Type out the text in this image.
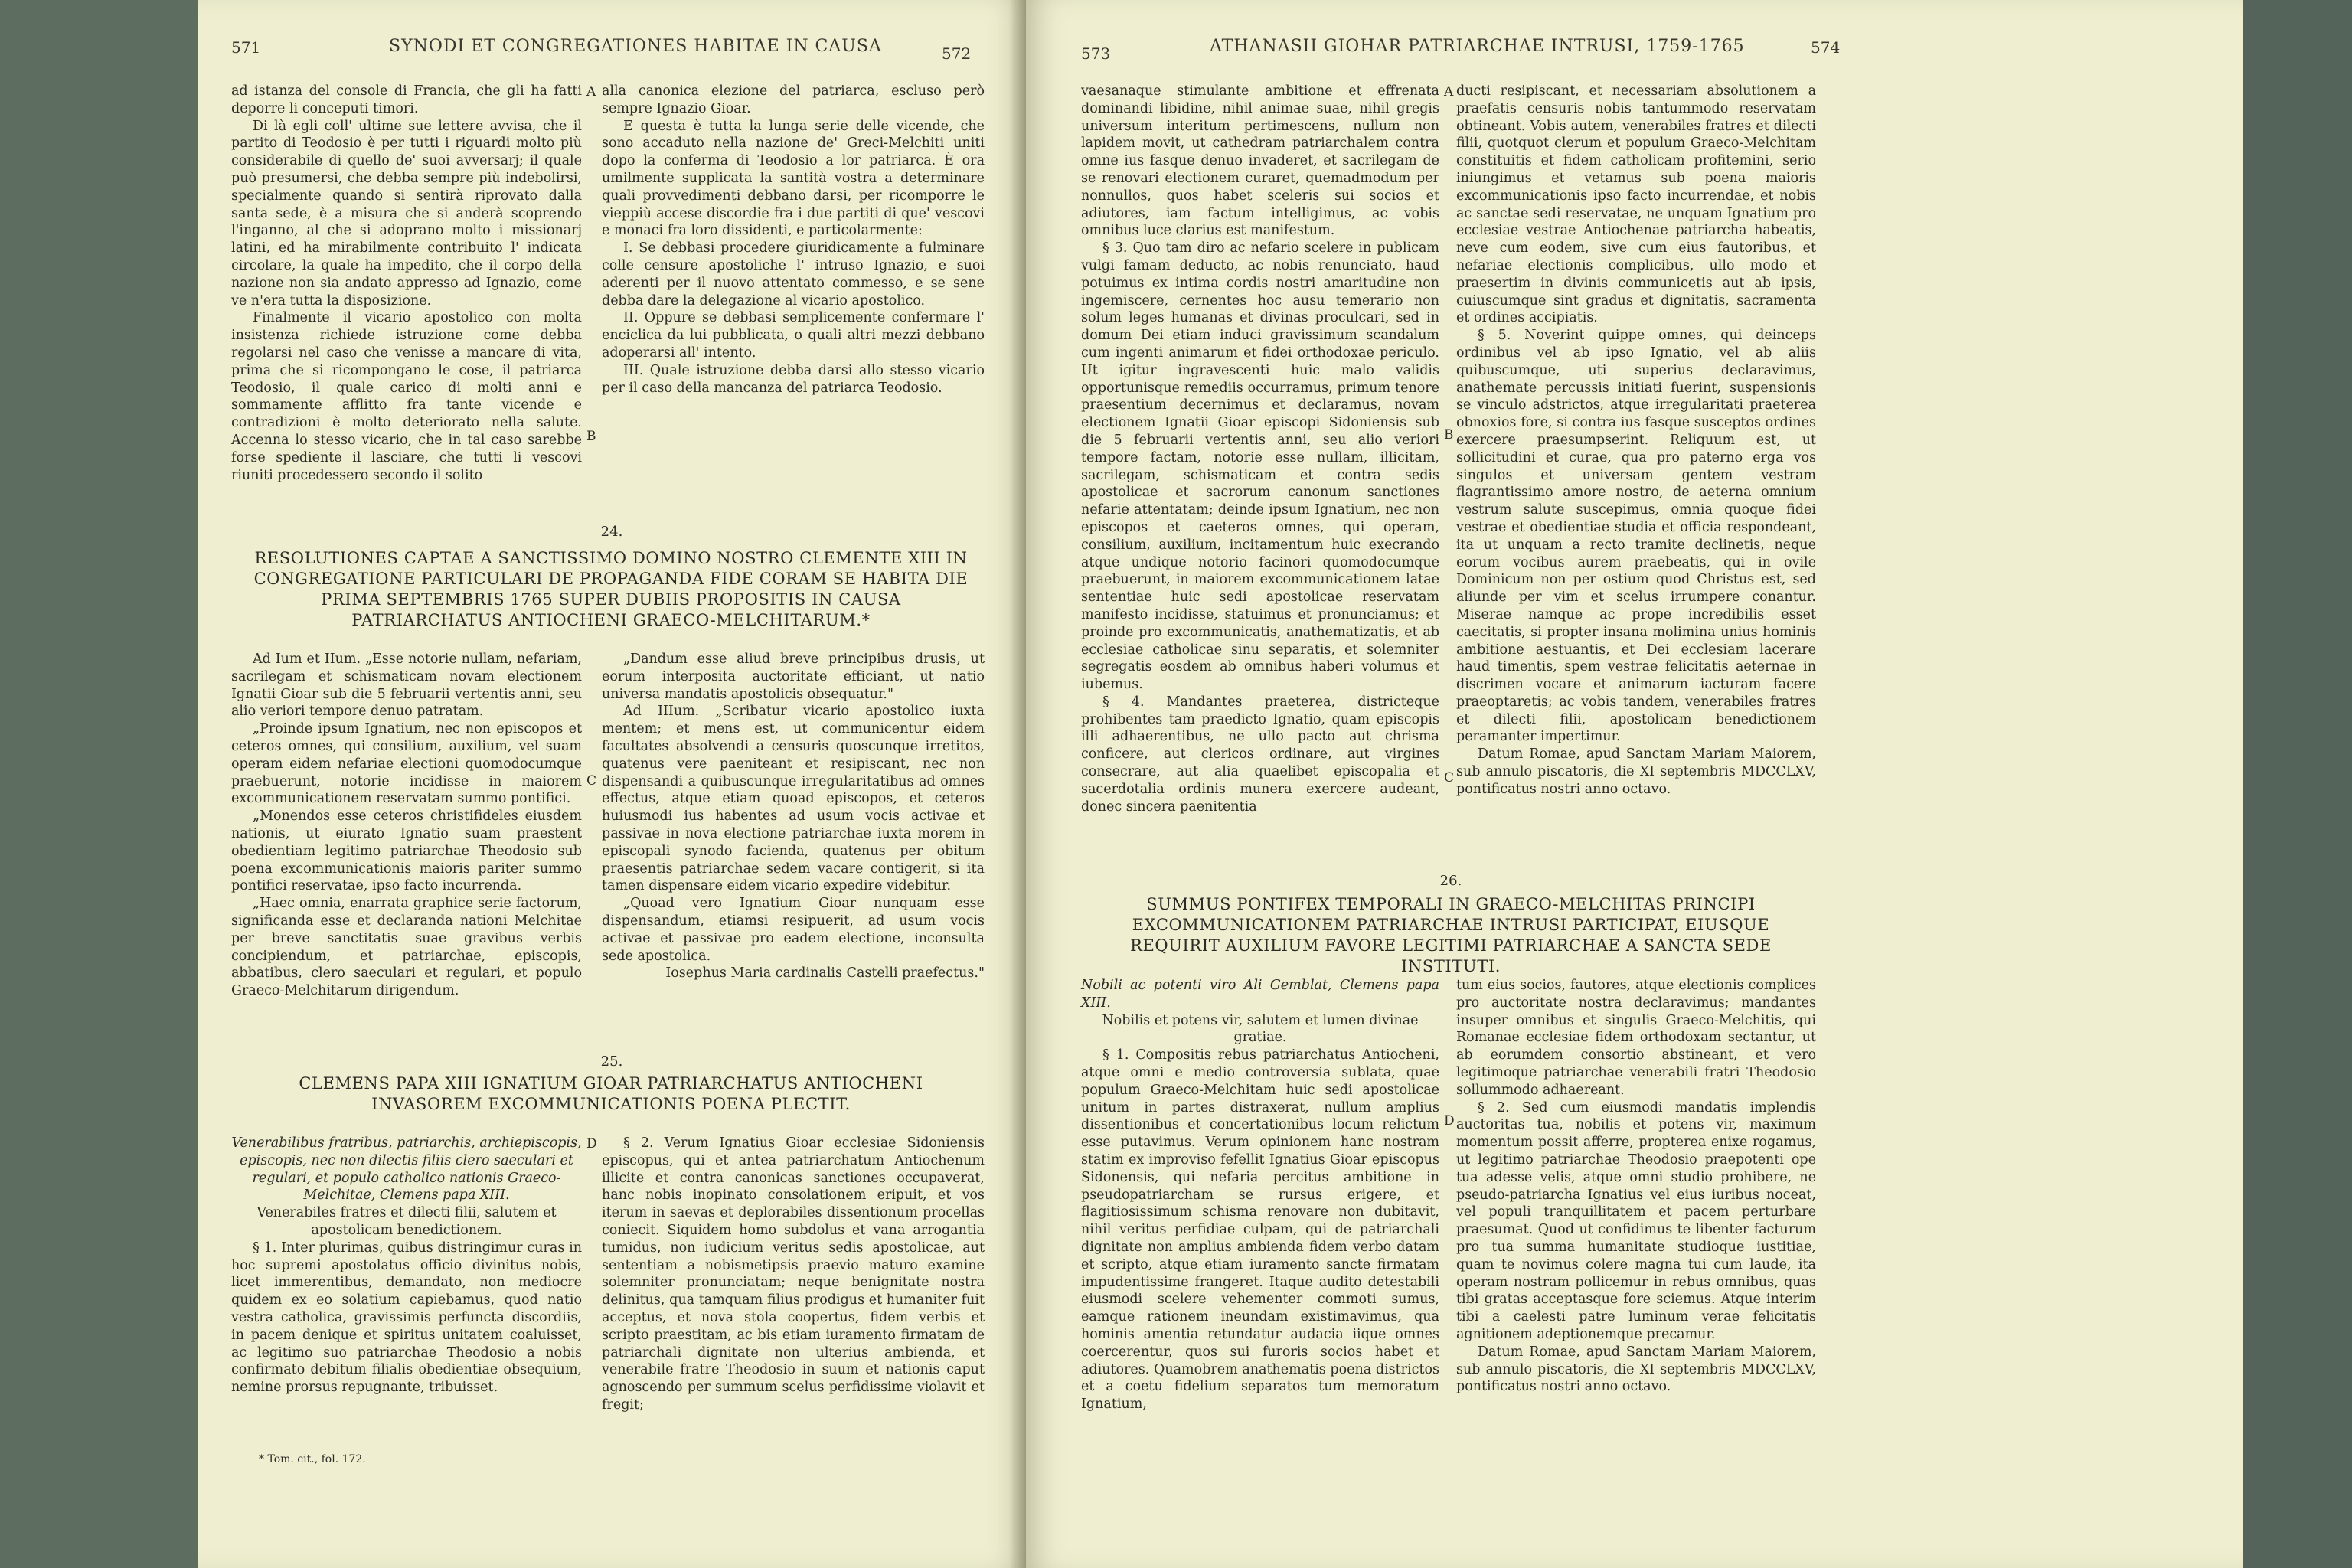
571	SYNODI ET CONGREGATIONES HABITAE IN CAUSA	572

ad istanza del console di Francia, che gli ha fatti deporre li conceputi timori.

Di là egli coll' ultime sue lettere avvisa, che il partito di Teodosio è per tutti i riguardi molto più considerabile di quello de' suoi avversarj; il quale può presumersi, che debba sempre più indebolirsi, specialmente quando si sentirà riprovato dalla santa sede, è a misura che si anderà scoprendo l'inganno, al che si adoprano molto i missionarj latini, ed ha mirabilmente contribuito l' indicata circolare, la quale ha impedito, che il corpo della nazione non sia andato appresso ad Ignazio, come ve n'era tutta la disposizione.

Finalmente il vicario apostolico con molta insistenza richiede istruzione come debba regolarsi nel caso che venisse a mancare di vita, prima che si ricompongano le cose, il patriarca Teodosio, il quale carico di molti anni e sommamente afflitto fra tante vicende e contradizioni è molto deteriorato nella salute. Accenna lo stesso vicario, che in tal caso sarebbe forse spediente il lasciare, che tutti li vescovi riuniti procedessero secondo il solito

alla canonica elezione del patriarca, escluso però sempre Ignazio Gioar.

E questa è tutta la lunga serie delle vicende, che sono accaduto nella nazione de' Greci-Melchiti uniti dopo la conferma di Teodosio a lor patriarca. È ora umilmente supplicata la santità vostra a determinare quali provvedimenti debbano darsi, per ricomporre le vieppiù accese discordie fra i due partiti di que' vescovi e monaci fra loro dissidenti, e particolarmente:

I. Se debbasi procedere giuridicamente a fulminare colle censure apostoliche l' intruso Ignazio, e suoi aderenti per il nuovo attentato commesso, e se sene debba dare la delegazione al vicario apostolico.

II. Oppure se debbasi semplicemente confermare l' enciclica da lui pubblicata, o quali altri mezzi debbano adoperarsi all' intento.

III. Quale istruzione debba darsi allo stesso vicario per il caso della mancanza del patriarca Teodosio.

A
B
24.
RESOLUTIONES CAPTAE A SANCTISSIMO DOMINO NOSTRO CLEMENTE XIII IN CONGREGATIONE PARTICULARI DE PROPAGANDA FIDE CORAM SE HABITA DIE PRIMA SEPTEMBRIS 1765 SUPER DUBIIS PROPOSITIS IN CAUSA PATRIARCHATUS ANTIOCHENI GRAECO-MELCHITARUM.*

Ad Ium et IIum. „Esse notorie nullam, nefariam, sacrilegam et schismaticam novam electionem Ignatii Gioar sub die 5 februarii vertentis anni, seu alio veriori tempore denuo patratam.

„Proinde ipsum Ignatium, nec non episcopos et ceteros omnes, qui consilium, auxilium, vel suam operam eidem nefariae electioni quomodocumque praebuerunt, notorie incidisse in maiorem excommunicationem reservatam summo pontifici.

„Monendos esse ceteros christifideles eiusdem nationis, ut eiurato Ignatio suam praestent obedientiam legitimo patriarchae Theodosio sub poena excommunicationis maioris pariter summo pontifici reservatae, ipso facto incurrenda.

„Haec omnia, enarrata graphice serie factorum, significanda esse et declaranda nationi Melchitae per breve sanctitatis suae gravibus verbis concipiendum, et patriarchae, episcopis, abbatibus, clero saeculari et regulari, et populo Graeco-Melchitarum dirigendum.

„Dandum esse aliud breve principibus drusis, ut eorum interposita auctoritate efficiant, ut natio universa mandatis apostolicis obsequatur."

Ad IIIum. „Scribatur vicario apostolico iuxta mentem; et mens est, ut communicentur eidem facultates absolvendi a censuris quoscunque irretitos, quatenus vere paeniteant et resipiscant, nec non dispensandi a quibuscunque irregularitatibus ad omnes effectus, atque etiam quoad episcopos, et ceteros huiusmodi ius habentes ad usum vocis activae et passivae in nova electione patriarchae iuxta morem in episcopali synodo facienda, quatenus per obitum praesentis patriarchae sedem vacare contigerit, si ita tamen dispensare eidem vicario expedire videbitur.

„Quoad vero Ignatium Gioar nunquam esse dispensandum, etiamsi resipuerit, ad usum vocis activae et passivae pro eadem electione, inconsulta sede apostolica.

Iosephus Maria cardinalis Castelli praefectus."

C
25.
CLEMENS PAPA XIII IGNATIUM GIOAR PATRIARCHATUS ANTIOCHENI INVASOREM EXCOMMUNICATIONIS POENA PLECTIT.

Venerabilibus fratribus, patriarchis, archiepiscopis, episcopis, nec non dilectis filiis clero saeculari et regulari, et populo catholico nationis Graeco-Melchitae, Clemens papa XIII.

Venerabiles fratres et dilecti filii, salutem et apostolicam benedictionem.

§ 1. Inter plurimas, quibus distringimur curas in hoc supremi apostolatus officio divinitus nobis, licet immerentibus, demandato, non mediocre quidem ex eo solatium capiebamus, quod natio vestra catholica, gravissimis perfuncta discordiis, in pacem denique et spiritus unitatem coaluisset, ac legitimo suo patriarchae Theodosio a nobis confirmato debitum filialis obedientiae obsequium, nemine prorsus repugnante, tribuisset.

§ 2. Verum Ignatius Gioar ecclesiae Sidoniensis episcopus, qui et antea patriarchatum Antiochenum illicite et contra canonicas sanctiones occupaverat, hanc nobis inopinato consolationem eripuit, et vos iterum in saevas et deplorabiles dissentionum procellas coniecit. Siquidem homo subdolus et vana arrogantia tumidus, non iudicium veritus sedis apostolicae, aut sententiam a nobismetipsis praevio maturo examine solemniter pronunciatam; neque benignitate nostra delinitus, qua tamquam filius prodigus et humaniter fuit acceptus, et nova stola coopertus, fidem verbis et scripto praestitam, ac bis etiam iuramento firmatam de patriarchali dignitate non ulterius ambienda, et venerabile fratre Theodosio in suum et nationis caput agnoscendo per summum scelus perfidissime violavit et fregit;

D
* Tom. cit., fol. 172.
573	ATHANASII GIOHAR PATRIARCHAE INTRUSI, 1759-1765	574

vaesanaque stimulante ambitione et effrenata dominandi libidine, nihil animae suae, nihil gregis universum interitum pertimescens, nullum non lapidem movit, ut cathedram patriarchalem contra omne ius fasque denuo invaderet, et sacrilegam de se renovari electionem curaret, quemadmodum per nonnullos, quos habet sceleris sui socios et adiutores, iam factum intelligimus, ac vobis omnibus luce clarius est manifestum.

§ 3. Quo tam diro ac nefario scelere in publicam vulgi famam deducto, ac nobis renunciato, haud potuimus ex intima cordis nostri amaritudine non ingemiscere, cernentes hoc ausu temerario non solum leges humanas et divinas proculcari, sed in domum Dei etiam induci gravissimum scandalum cum ingenti animarum et fidei orthodoxae periculo. Ut igitur ingravescenti huic malo validis opportunisque remediis occurramus, primum tenore praesentium decernimus et declaramus, novam electionem Ignatii Gioar episcopi Sidoniensis sub die 5 februarii vertentis anni, seu alio veriori tempore factam, notorie esse nullam, illicitam, sacrilegam, schismaticam et contra sedis apostolicae et sacrorum canonum sanctiones nefarie attentatam; deinde ipsum Ignatium, nec non episcopos et caeteros omnes, qui operam, consilium, auxilium, incitamentum huic execrando atque undique notorio facinori quomodocumque praebuerunt, in maiorem excommunicationem latae sententiae huic sedi apostolicae reservatam manifesto incidisse, statuimus et pronunciamus; et proinde pro excommunicatis, anathematizatis, et ab ecclesiae catholicae sinu separatis, et solemniter segregatis eosdem ab omnibus haberi volumus et iubemus.

§ 4. Mandantes praeterea, districteque prohibentes tam praedicto Ignatio, quam episcopis illi adhaerentibus, ne ullo pacto aut chrisma conficere, aut clericos ordinare, aut virgines consecrare, aut alia quaelibet episcopalia et sacerdotalia ordinis munera exercere audeant, donec sincera paenitentia

ducti resipiscant, et necessariam absolutionem a praefatis censuris nobis tantummodo reservatam obtineant. Vobis autem, venerabiles fratres et dilecti filii, quotquot clerum et populum Graeco-Melchitam constituitis et fidem catholicam profitemini, serio iniungimus et vetamus sub poena maioris excommunicationis ipso facto incurrendae, et nobis ac sanctae sedi reservatae, ne unquam Ignatium pro ecclesiae vestrae Antiochenae patriarcha habeatis, neve cum eodem, sive cum eius fautoribus, et nefariae electionis complicibus, ullo modo et praesertim in divinis communicetis aut ab ipsis, cuiuscumque sint gradus et dignitatis, sacramenta et ordines accipiatis.

§ 5. Noverint quippe omnes, qui deinceps ordinibus vel ab ipso Ignatio, vel ab aliis quibuscumque, uti superius declaravimus, anathemate percussis initiati fuerint, suspensionis se vinculo adstrictos, atque irregularitati praeterea obnoxios fore, si contra ius fasque susceptos ordines exercere praesumpserint. Reliquum est, ut sollicitudini et curae, qua pro paterno erga vos singulos et universam gentem vestram flagrantissimo amore nostro, de aeterna omnium vestrum salute suscepimus, omnia quoque fidei vestrae et obedientiae studia et officia respondeant, ita ut unquam a recto tramite declinetis, neque eorum vocibus aurem praebeatis, qui in ovile Dominicum non per ostium quod Christus est, sed aliunde per vim et scelus irrumpere conantur. Miserae namque ac prope incredibilis esset caecitatis, si propter insana molimina unius hominis ambitione aestuantis, et Dei ecclesiam lacerare haud timentis, spem vestrae felicitatis aeternae in discrimen vocare et animarum iacturam facere praeoptaretis; ac vobis tandem, venerabiles fratres et dilecti filii, apostolicam benedictionem peramanter impertimur.

Datum Romae, apud Sanctam Mariam Maiorem, sub annulo piscatoris, die XI septembris MDCCLXV, pontificatus nostri anno octavo.

A
B
C
26.
SUMMUS PONTIFEX TEMPORALI IN GRAECO-MELCHITAS PRINCIPI EXCOMMUNICATIONEM PATRIARCHAE INTRUSI PARTICIPAT, EIUSQUE REQUIRIT AUXILIUM FAVORE LEGITIMI PATRIARCHAE A SANCTA SEDE INSTITUTI.

Nobili ac potenti viro Ali Gemblat, Clemens papa XIII.

Nobilis et potens vir, salutem et lumen divinae gratiae.

§ 1. Compositis rebus patriarchatus Antiocheni, atque omni e medio controversia sublata, quae populum Graeco-Melchitam huic sedi apostolicae unitum in partes distraxerat, nullum amplius dissentionibus et concertationibus locum relictum esse putavimus. Verum opinionem hanc nostram statim ex improviso fefellit Ignatius Gioar episcopus Sidonensis, qui nefaria percitus ambitione in pseudopatriarcham se rursus erigere, et flagitiosissimum schisma renovare non dubitavit, nihil veritus perfidiae culpam, qui de patriarchali dignitate non amplius ambienda fidem verbo datam et scripto, atque etiam iuramento sancte firmatam impudentissime frangeret. Itaque audito detestabili eiusmodi scelere vehementer commoti sumus, eamque rationem ineundam existimavimus, qua hominis amentia retundatur audacia iique omnes coercerentur, quos sui furoris socios habet et adiutores. Quamobrem anathematis poena districtos et a coetu fidelium separatos tum memoratum Ignatium,

tum eius socios, fautores, atque electionis complices pro auctoritate nostra declaravimus; mandantes insuper omnibus et singulis Graeco-Melchitis, qui Romanae ecclesiae fidem orthodoxam sectantur, ut ab eorumdem consortio abstineant, et vero legitimoque patriarchae venerabili fratri Theodosio sollummodo adhaereant.

§ 2. Sed cum eiusmodi mandatis implendis auctoritas tua, nobilis et potens vir, maximum momentum possit afferre, propterea enixe rogamus, ut legitimo patriarchae Theodosio praepotenti ope tua adesse velis, atque omni studio prohibere, ne pseudo-patriarcha Ignatius vel eius iuribus noceat, vel populi tranquillitatem et pacem perturbare praesumat. Quod ut confidimus te libenter facturum pro tua summa humanitate studioque iustitiae, quam te novimus colere magna tui cum laude, ita operam nostram pollicemur in rebus omnibus, quas tibi gratas acceptasque fore sciemus. Atque interim tibi a caelesti patre luminum verae felicitatis agnitionem adeptionemque precamur.

Datum Romae, apud Sanctam Mariam Maiorem, sub annulo piscatoris, die XI septembris MDCCLXV, pontificatus nostri anno octavo.

D
